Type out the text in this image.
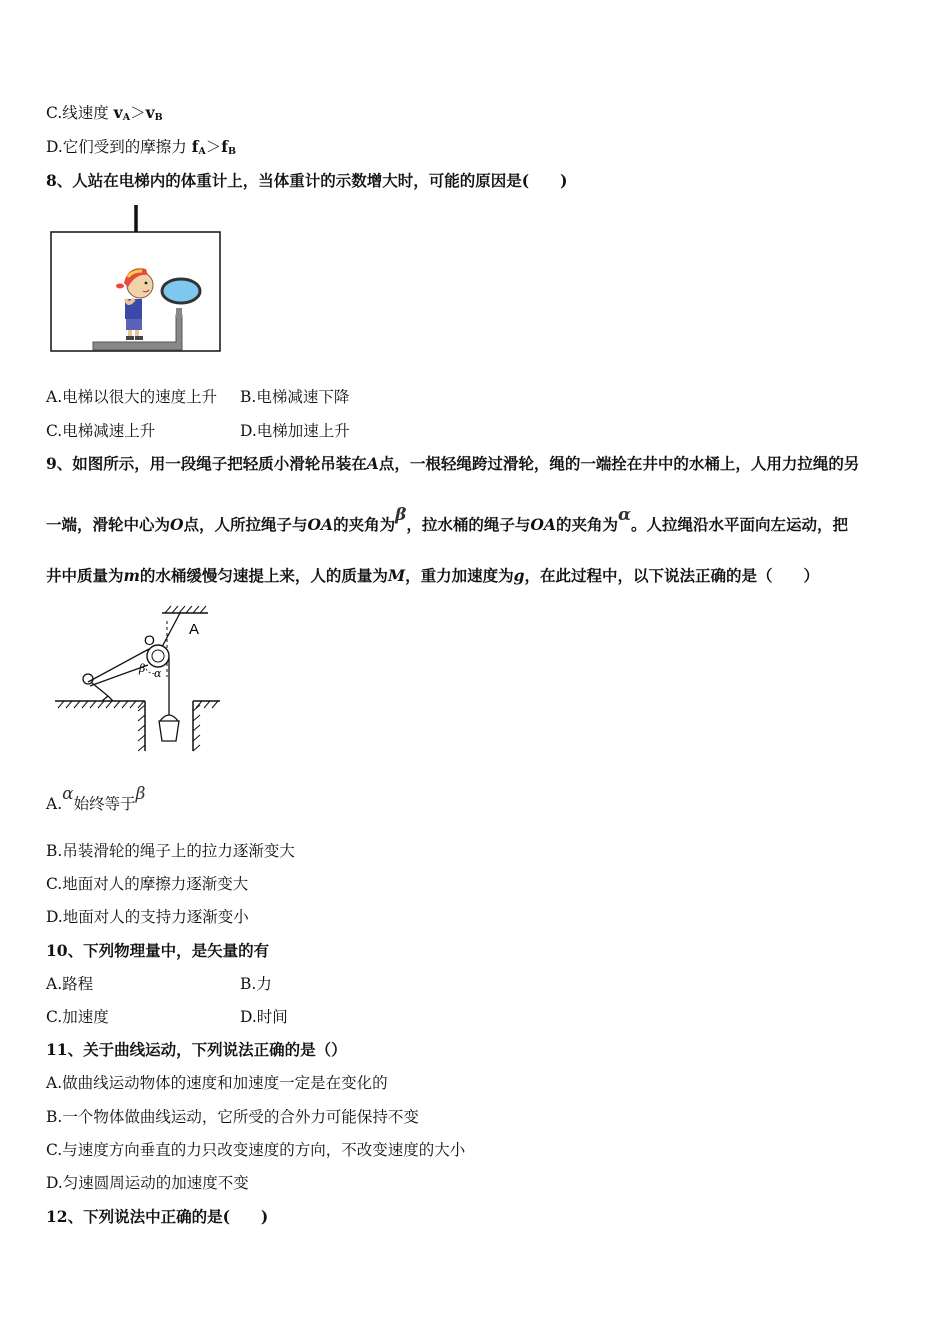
C.线速度 $v_A>v_B$
D.它们受到的摩擦力 $f_A>f_B$
8、人站在电梯内的体重计上，当体重计的示数增大时，可能的原因是(　　)
A.电梯以很大的速度上升 B.电梯减速下降
C.电梯减速上升	D.电梯加速上升
9、如图所示，用一段绳子把轻质小滑轮吊装在A点，一根轻绳跨过滑轮，绳的一端拴在井中的水桶上，人用力拉绳的另
一端，滑轮中心为O点，人所拉绳子与OA的夹角为β，拉水桶的绳子与OA的夹角为α。人拉绳沿水平面向左运动，把
井中质量为m的水桶缓慢匀速提上来，人的质量为M，重力加速度为g，在此过程中，以下说法正确的是（　　）
A
O
β α
A.α始终等于β
B.吊装滑轮的绳子上的拉力逐渐变大
C.地面对人的摩擦力逐渐变大
D.地面对人的支持力逐渐变小
10、下列物理量中，是矢量的有
A.路程	B.力
C.加速度	D.时间
11、关于曲线运动，下列说法正确的是（）
A.做曲线运动物体的速度和加速度一定是在变化的
B.一个物体做曲线运动，它所受的合外力可能保持不变
C.与速度方向垂直的力只改变速度的方向，不改变速度的大小
D.匀速圆周运动的加速度不变
12、下列说法中正确的是(　　)
